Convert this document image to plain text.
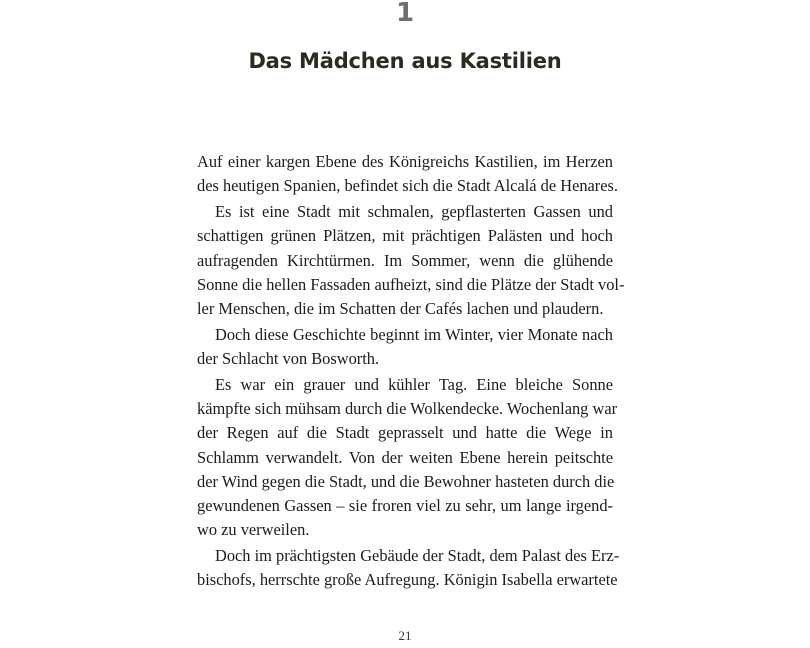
1
Das Mädchen aus Kastilien

Auf einer kargen Ebene des Königreichs Kastilien, im Herzen
des heutigen Spanien, befindet sich die Stadt Alcalá de Henares.

Es ist eine Stadt mit schmalen, gepflasterten Gassen und
schattigen grünen Plätzen, mit prächtigen Palästen und hoch
aufragenden Kirchtürmen. Im Sommer, wenn die glühende
Sonne die hellen Fassaden aufheizt, sind die Plätze der Stadt vol-
ler Menschen, die im Schatten der Cafés lachen und plaudern.

Doch diese Geschichte beginnt im Winter, vier Monate nach
der Schlacht von Bosworth.

Es war ein grauer und kühler Tag. Eine bleiche Sonne
kämpfte sich mühsam durch die Wolkendecke. Wochenlang war
der Regen auf die Stadt geprasselt und hatte die Wege in
Schlamm verwandelt. Von der weiten Ebene herein peitschte
der Wind gegen die Stadt, und die Bewohner hasteten durch die
gewundenen Gassen – sie froren viel zu sehr, um lange irgend-
wo zu verweilen.

Doch im prächtigsten Gebäude der Stadt, dem Palast des Erz-
bischofs, herrschte große Aufregung. Königin Isabella erwartete

21
